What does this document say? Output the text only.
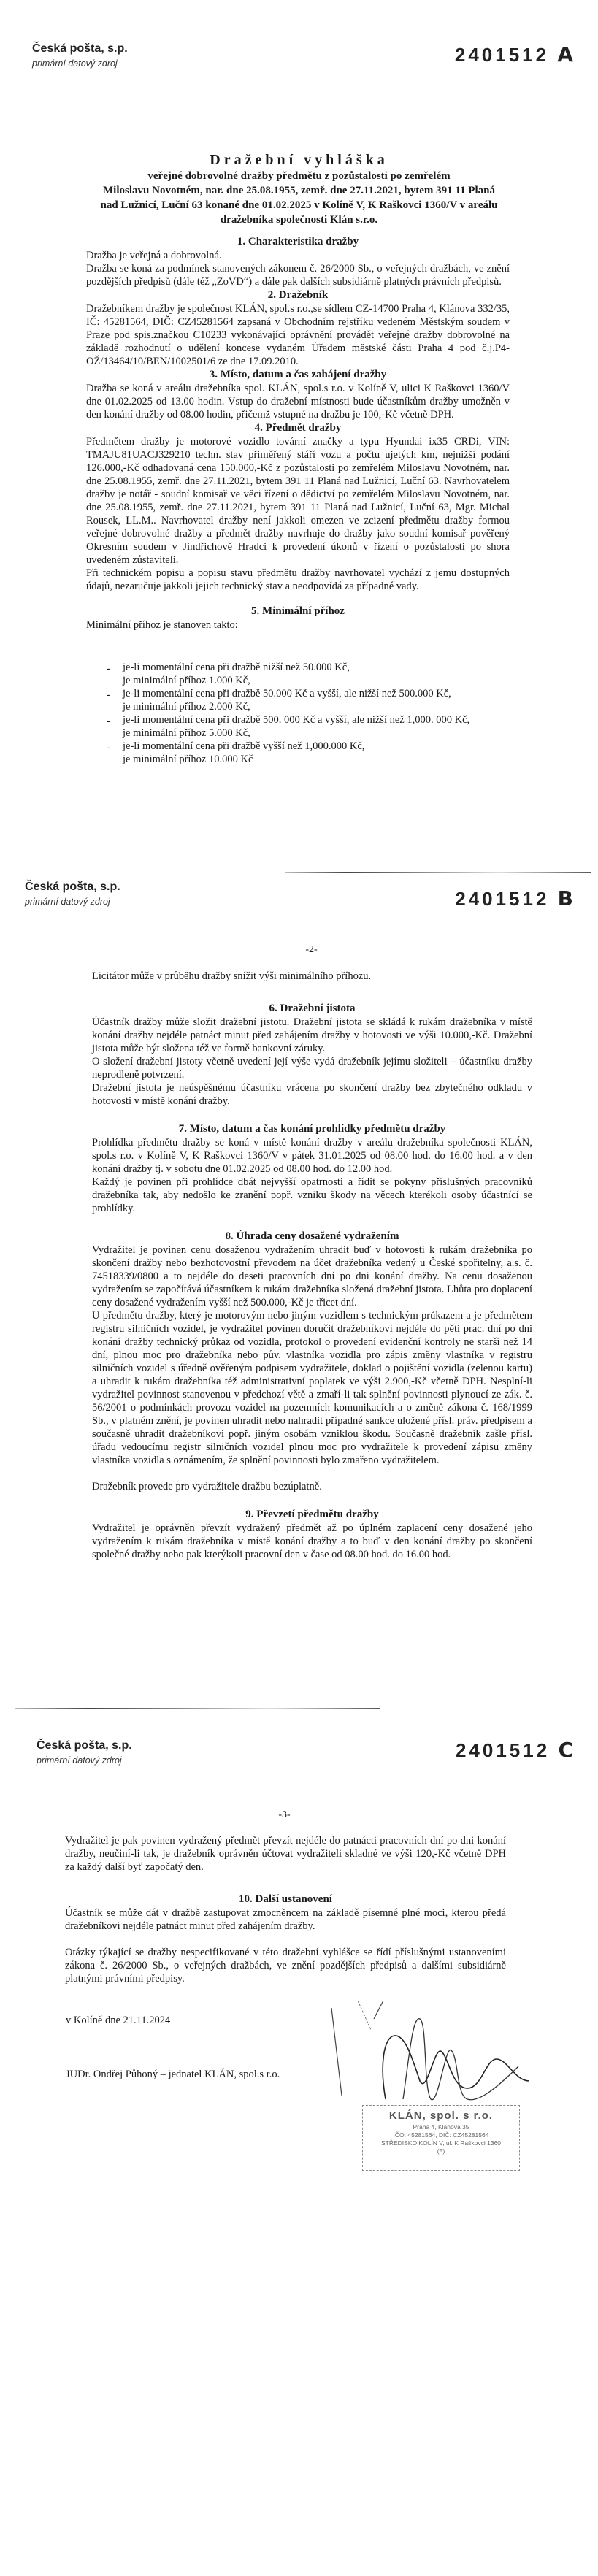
Česká pošta, s.p.
primární datový zdroj	2401512 A
Dražební vyhláška
veřejné dobrovolné dražby předmětu z pozůstalosti po zemřelém
Miloslavu Novotném, nar. dne 25.08.1955, zemř. dne 27.11.2021, bytem 391 11 Planá
nad Lužnicí, Luční 63 konané dne 01.02.2025 v Kolíně V, K Raškovci 1360/V v areálu
dražebníka společnosti Klán s.r.o.

1. Charakteristika dražby

Dražba je veřejná a dobrovolná.

Dražba se koná za podmínek stanovených zákonem č. 26/2000 Sb., o veřejných dražbách, ve znění pozdějších předpisů (dále též „ZoVD“) a dále pak dalších subsidiárně platných právních předpisů.

2. Dražebník

Dražebníkem dražby je společnost KLÁN, spol.s r.o.,se sídlem CZ-14700 Praha 4, Klánova 332/35, IČ: 45281564, DIČ: CZ45281564 zapsaná v Obchodním rejstříku vedeném Městským soudem v Praze pod spis.značkou C10233 vykonávající oprávnění provádět veřejné dražby dobrovolné na základě rozhodnutí o udělení koncese vydaném Úřadem městské části Praha 4 pod č.j.P4-OŽ/13464/10/BEN/1002501/6 ze dne 17.09.2010.

3. Místo, datum a čas zahájení dražby

Dražba se koná v areálu dražebníka spol. KLÁN, spol.s r.o. v Kolíně V, ulici K Raškovci 1360/V dne 01.02.2025 od 13.00 hodin. Vstup do dražební místnosti bude účastníkům dražby umožněn v den konání dražby od 08.00 hodin, přičemž vstupné na dražbu je 100,-Kč včetně DPH.

4. Předmět dražby

Předmětem dražby je motorové vozidlo tovární značky a typu Hyundai ix35 CRDi, VIN: TMAJU81UACJ329210 techn. stav přiměřený stáří vozu a počtu ujetých km, nejnižší podání 126.000,-Kč odhadovaná cena 150.000,-Kč z pozůstalosti po zemřelém Miloslavu Novotném, nar. dne 25.08.1955, zemř. dne 27.11.2021, bytem 391 11 Planá nad Lužnicí, Luční 63. Navrhovatelem dražby je notář - soudní komisař ve věci řízení o dědictví po zemřelém Miloslavu Novotném, nar. dne 25.08.1955, zemř. dne 27.11.2021, bytem 391 11 Planá nad Lužnicí, Luční 63, Mgr. Michal Rousek, LL.M.. Navrhovatel dražby není jakkoli omezen ve zcizení předmětu dražby formou veřejné dobrovolné dražby a předmět dražby navrhuje do dražby jako soudní komisař pověřený Okresním soudem v Jindřichově Hradci k provedení úkonů v řízení o pozůstalosti po shora uvedeném zůstaviteli.

Při technickém popisu a popisu stavu předmětu dražby navrhovatel vychází z jemu dostupných údajů, nezaručuje jakkoli jejich technický stav a neodpovídá za případné vady.

5. Minimální příhoz

Minimální příhoz je stanoven takto:

- je-li momentální cena při dražbě nižší než 50.000 Kč,
je minimální příhoz 1.000 Kč,
- je-li momentální cena při dražbě 50.000 Kč a vyšší, ale nižší než 500.000 Kč,
je minimální příhoz 2.000 Kč,
- je-li momentální cena při dražbě 500. 000 Kč a vyšší, ale nižší než 1,000. 000 Kč,
je minimální příhoz 5.000 Kč,
- je-li momentální cena při dražbě vyšší než 1,000.000 Kč,
je minimální příhoz 10.000 Kč
Česká pošta, s.p.
primární datový zdroj	2401512 B
-2-

Licitátor může v průběhu dražby snížit výši minimálního příhozu.

6. Dražební jistota

Účastník dražby může složit dražební jistotu. Dražební jistota se skládá k rukám dražebníka v místě konání dražby nejdéle patnáct minut před zahájením dražby v hotovosti ve výši 10.000,-Kč. Dražební jistota může být složena též ve formě bankovní záruky.

O složení dražební jistoty včetně uvedení její výše vydá dražebník jejímu složiteli – účastníku dražby neprodleně potvrzení.

Dražební jistota je neúspěšnému účastníku vrácena po skončení dražby bez zbytečného odkladu v hotovosti v místě konání dražby.

7. Místo, datum a čas konání prohlídky předmětu dražby

Prohlídka předmětu dražby se koná v místě konání dražby v areálu dražebníka společnosti KLÁN, spol.s r.o. v Kolíně V, K Raškovci 1360/V v pátek 31.01.2025 od 08.00 hod. do 16.00 hod. a v den konání dražby tj. v sobotu dne 01.02.2025 od 08.00 hod. do 12.00 hod.

Každý je povinen při prohlídce dbát nejvyšší opatrnosti a řídit se pokyny příslušných pracovníků dražebníka tak, aby nedošlo ke zranění popř. vzniku škody na věcech kterékoli osoby účastnící se prohlídky.

8. Úhrada ceny dosažené vydražením

Vydražitel je povinen cenu dosaženou vydražením uhradit buď v hotovosti k rukám dražebníka po skončení dražby nebo bezhotovostní převodem na účet dražebníka vedený u České spořitelny, a.s. č. 74518339/0800 a to nejdéle do deseti pracovních dní po dni konání dražby. Na cenu dosaženou vydražením se započítává účastníkem k rukám dražebníka složená dražební jistota. Lhůta pro doplacení ceny dosažené vydražením vyšší než 500.000,-Kč je třicet dní.

U předmětu dražby, který je motorovým nebo jiným vozidlem s technickým průkazem a je předmětem registru silničních vozidel, je vydražitel povinen doručit dražebníkovi nejdéle do pěti prac. dní po dni konání dražby technický průkaz od vozidla, protokol o provedení evidenční kontroly ne starší než 14 dní, plnou moc pro dražebníka nebo pův. vlastníka vozidla pro zápis změny vlastníka v registru silničních vozidel s úředně ověřeným podpisem vydražitele, doklad o pojištění vozidla (zelenou kartu) a uhradit k rukám dražebníka též administrativní poplatek ve výši 2.900,-Kč včetně DPH. Nesplní-li vydražitel povinnost stanovenou v předchozí větě a zmaří-li tak splnění povinnosti plynoucí ze zák. č. 56/2001 o podmínkách provozu vozidel na pozemních komunikacích a o změně zákona č. 168/1999 Sb., v platném znění, je povinen uhradit nebo nahradit případné sankce uložené přísl. práv. předpisem a současně uhradit dražebníkovi popř. jiným osobám vzniklou škodu. Současně dražebník zašle přísl. úřadu vedoucímu registr silničních vozidel plnou moc pro vydražitele k provedení zápisu změny vlastníka vozidla s oznámením, že splnění povinnosti bylo zmařeno vydražitelem.

Dražebník provede pro vydražitele dražbu bezúplatně.

9. Převzetí předmětu dražby

Vydražitel je oprávněn převzít vydražený předmět až po úplném zaplacení ceny dosažené jeho vydražením k rukám dražebníka v místě konání dražby a to buď v den konání dražby po skončení společné dražby nebo pak kterýkoli pracovní den v čase od 08.00 hod. do 16.00 hod.

Česká pošta, s.p.
primární datový zdroj	2401512 C
-3-

Vydražitel je pak povinen vydražený předmět převzít nejdéle do patnácti pracovních dní po dni konání dražby, neučiní-li tak, je dražebník oprávněn účtovat vydražiteli skladné ve výši 120,-Kč včetně DPH za každý další byť započatý den.

10. Další ustanovení

Účastník se může dát v dražbě zastupovat zmocněncem na základě písemné plné moci, kterou předá dražebníkovi nejdéle patnáct minut před zahájením dražby.

Otázky týkající se dražby nespecifikované v této dražební vyhlášce se řídí příslušnými ustanoveními zákona č. 26/2000 Sb., o veřejných dražbách, ve znění pozdějších předpisů a dalšími subsidiárně platnými právními předpisy.

v Kolíně dne 21.11.2024
JUDr. Ondřej Půhoný – jednatel KLÁN, spol.s r.o.
KLÁN, spol. s r.o.
Praha 4, Klánova 35
IČO: 45281564, DIČ: CZ45281564
STŘEDISKO KOLÍN V, ul. K Raškovci 1360
(5)
